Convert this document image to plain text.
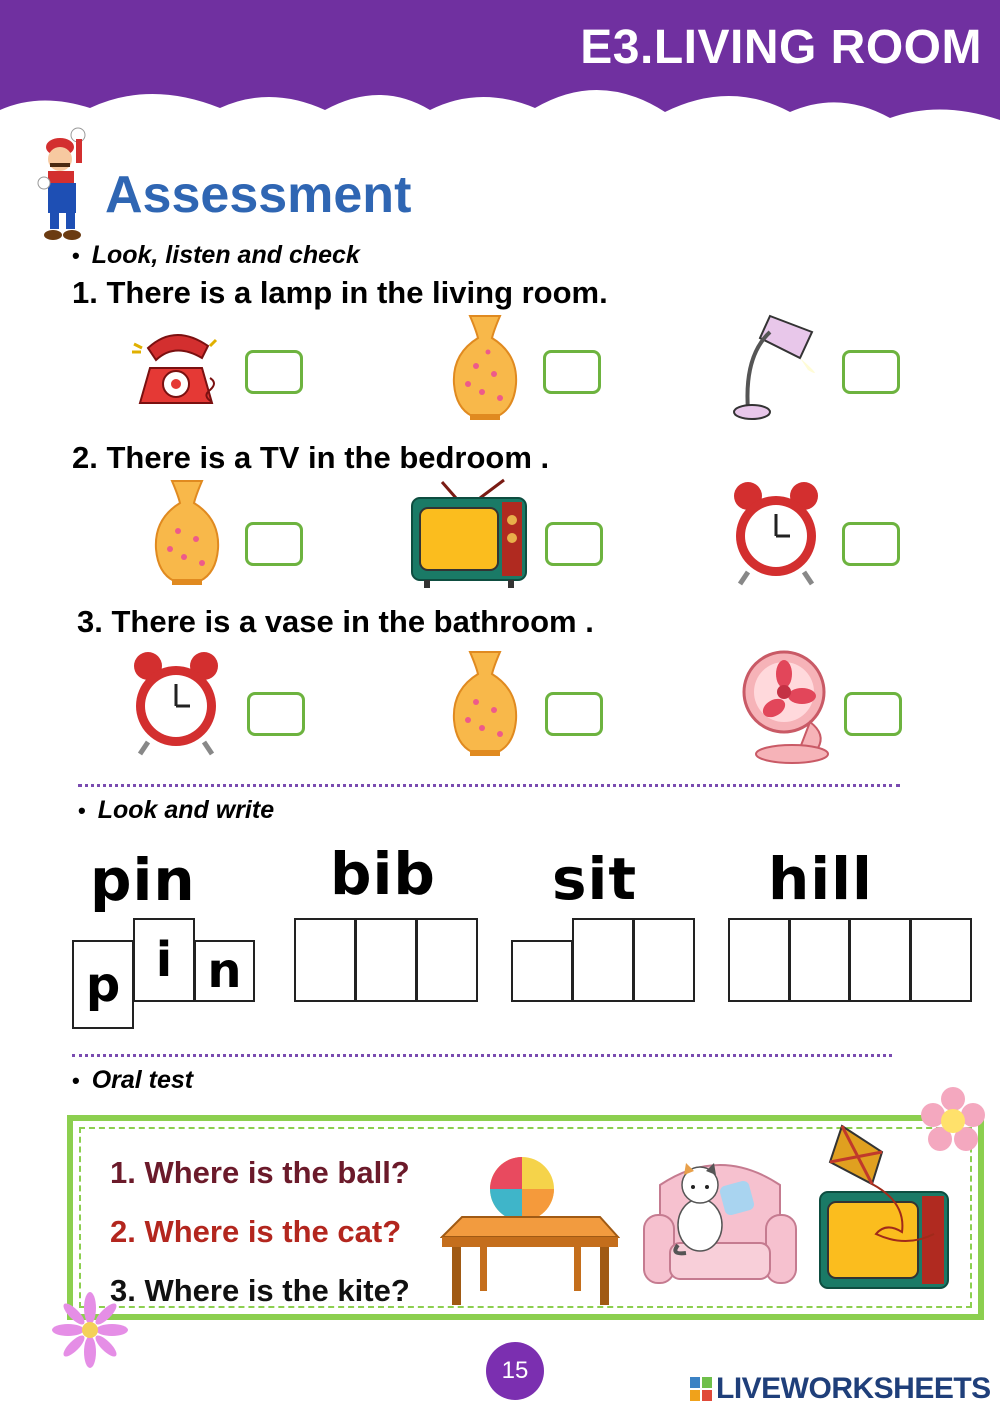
E3.LIVING ROOM
Assessment
• Look, listen and check
1. There is a lamp in the living room.
2. There is a TV in the bedroom .
3. There is a vase in the bathroom .
• Look and write
pin bib sit hill
p i n
• Oral test
1. Where is the ball?
2. Where is the cat?
3. Where is the kite?
15
LIVEWORKSHEETS
